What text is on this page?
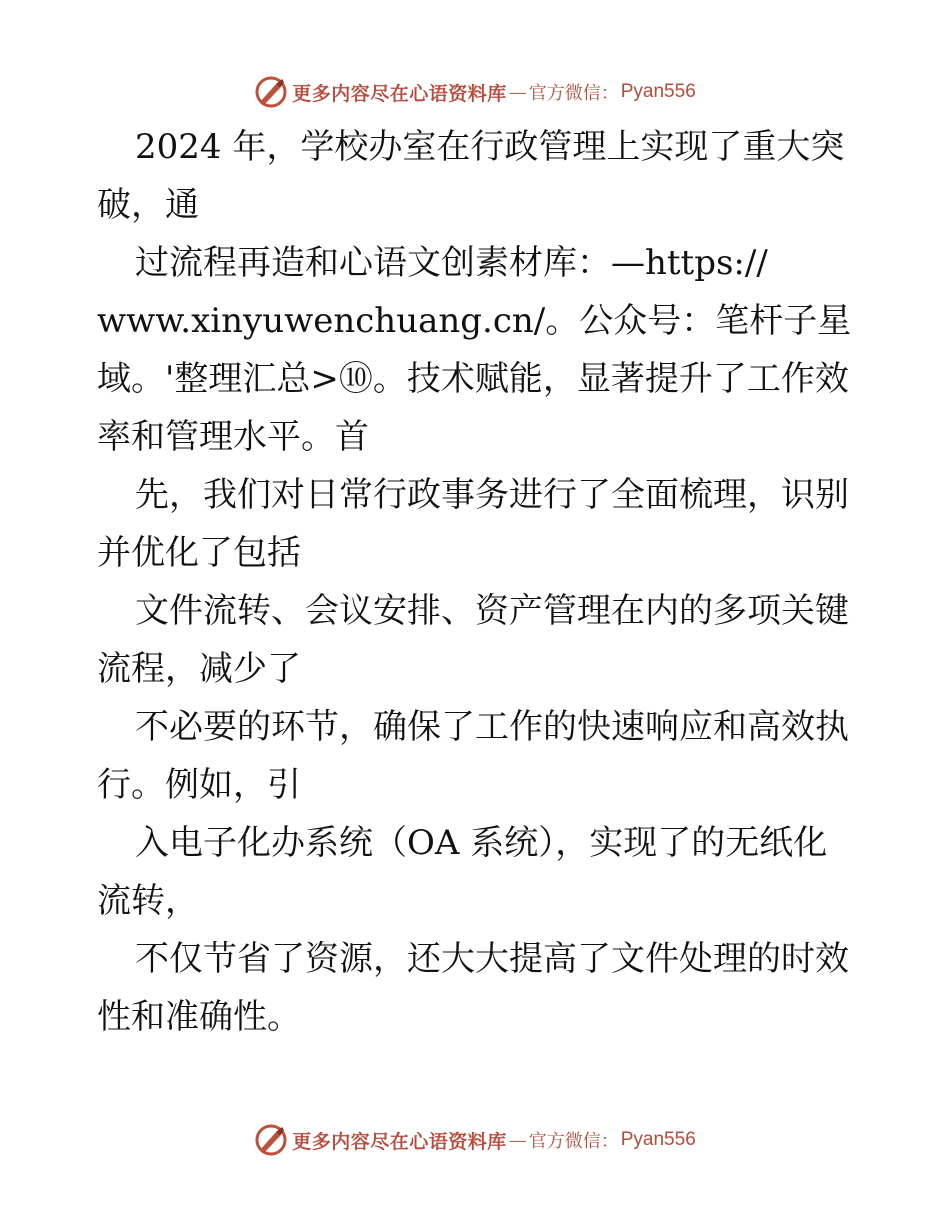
更多内容尽在心语资料库 — 官方微信： Pyan556
2024 年，学校办室在行政管理上实现了重大突
破，通
过流程再造和心语文创素材库：—https://
www.xinyuwenchuang.cn/。公众号：笔杆子星
域。'整理汇总>⑩。技术赋能，显著提升了工作效
率和管理水平。首
先，我们对日常行政事务进行了全面梳理，识别
并优化了包括
文件流转、会议安排、资产管理在内的多项关键
流程，减少了
不必要的环节，确保了工作的快速响应和高效执
行。例如，引
入电子化办系统（OA 系统），实现了的无纸化
流转，
不仅节省了资源，还大大提高了文件处理的时效
性和准确性。
更多内容尽在心语资料库 — 官方微信： Pyan556
